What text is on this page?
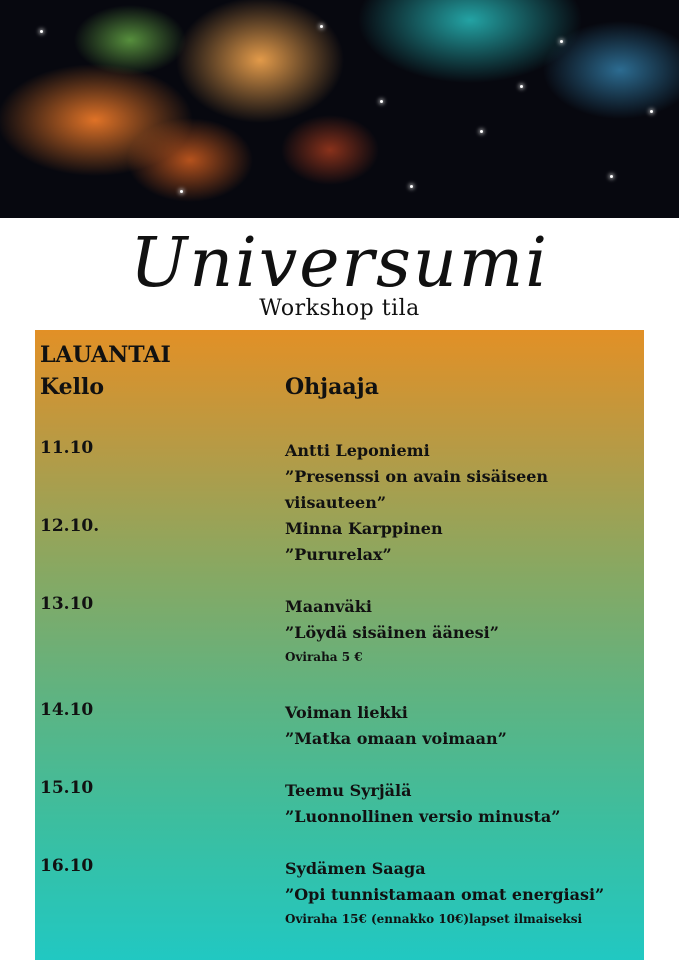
Universumi
Workshop tila
LAUANTAI
Kello	Ohjaaja
11.10	Antti Leponiemi
”Presenssi on avain sisäiseen viisauteen”
12.10.	Minna Karppinen
”Pururelax”
13.10	Maanväki
”Löydä sisäinen äänesi”
Oviraha 5 €
14.10	Voiman liekki
”Matka omaan voimaan”
15.10	Teemu Syrjälä
”Luonnollinen versio minusta”
16.10	Sydämen Saaga
”Opi tunnistamaan omat energiasi”
Oviraha 15€ (ennakko 10€)lapset ilmaiseksi
